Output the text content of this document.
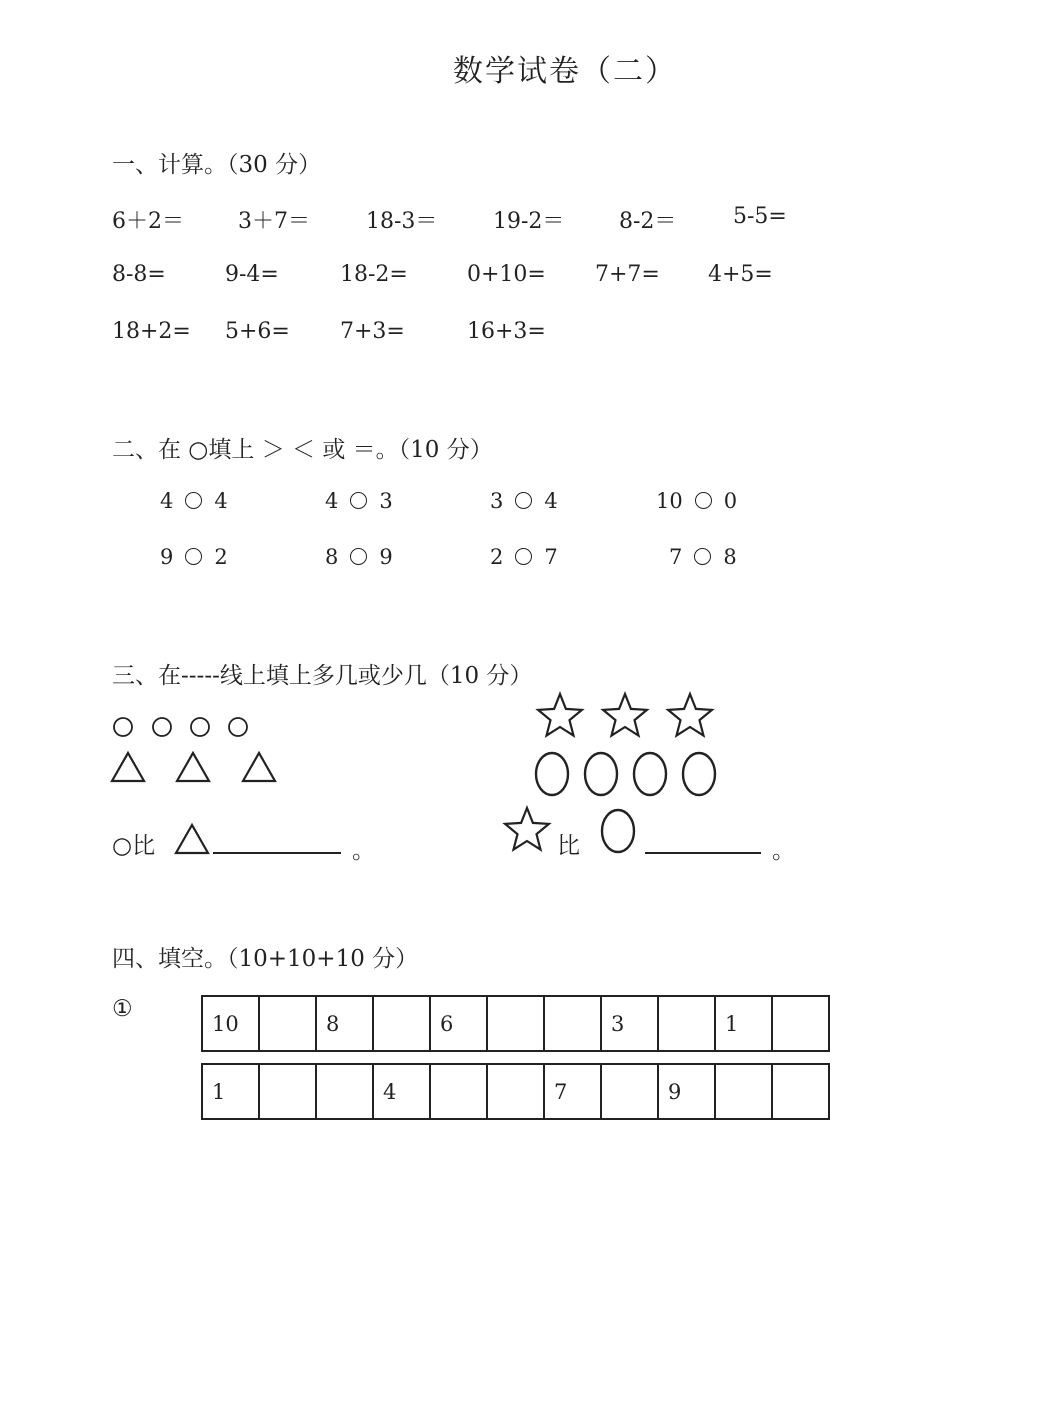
数学试卷（二）
一、计算。（30 分）
6＋2＝ 3＋7＝	18-3＝	19-2＝ 8-2＝	5-5=
8-8=	9-4=	18-2=	0+10= 7+7= 4+5=
18+2= 5+6= 7+3=	16+3=
二、在 ○填上 ＞ ＜ 或 ＝。（10 分）
4 4	4 3	3 4	10 0
9 2	8 9	2 7	7 8
三、在-----线上填上多几或少几（10 分）
○比	。	比	。
四、填空。（10+10+10 分）
①
10		8		6			3		1	
1			4			7		9		
